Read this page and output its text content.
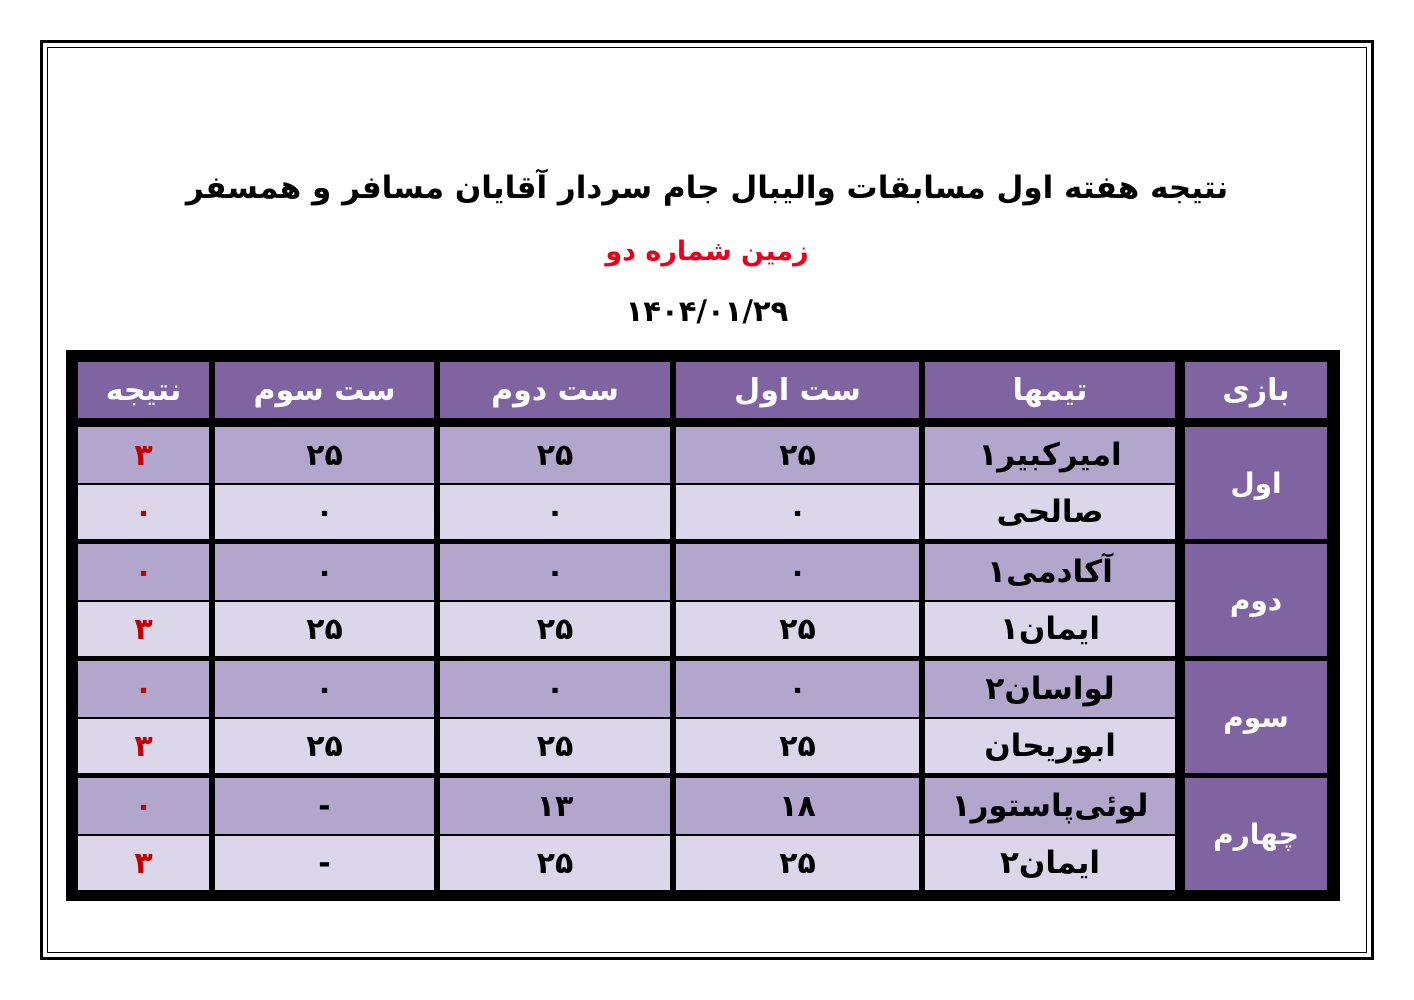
نتیجه هفته اول مسابقات والیبال جام سردار آقایان مسافر و همسفر
زمین شماره دو
۱۴۰۴/۰۱/۲۹
بازی
تیمها
ست اول
ست دوم
ست سوم
نتیجه
اول
امیرکبیر۱
۲۵
۲۵
۲۵
۳
صالحی
۰
۰
۰
۰
دوم
آکادمی۱
۰
۰
۰
۰
ایمان۱
۲۵
۲۵
۲۵
۳
سوم
لواسان۲
۰
۰
۰
۰
ابوریحان
۲۵
۲۵
۲۵
۳
چهارم
لوئی‌پاستور۱
۱۸
۱۳
-
۰
ایمان۲
۲۵
۲۵
-
۳
